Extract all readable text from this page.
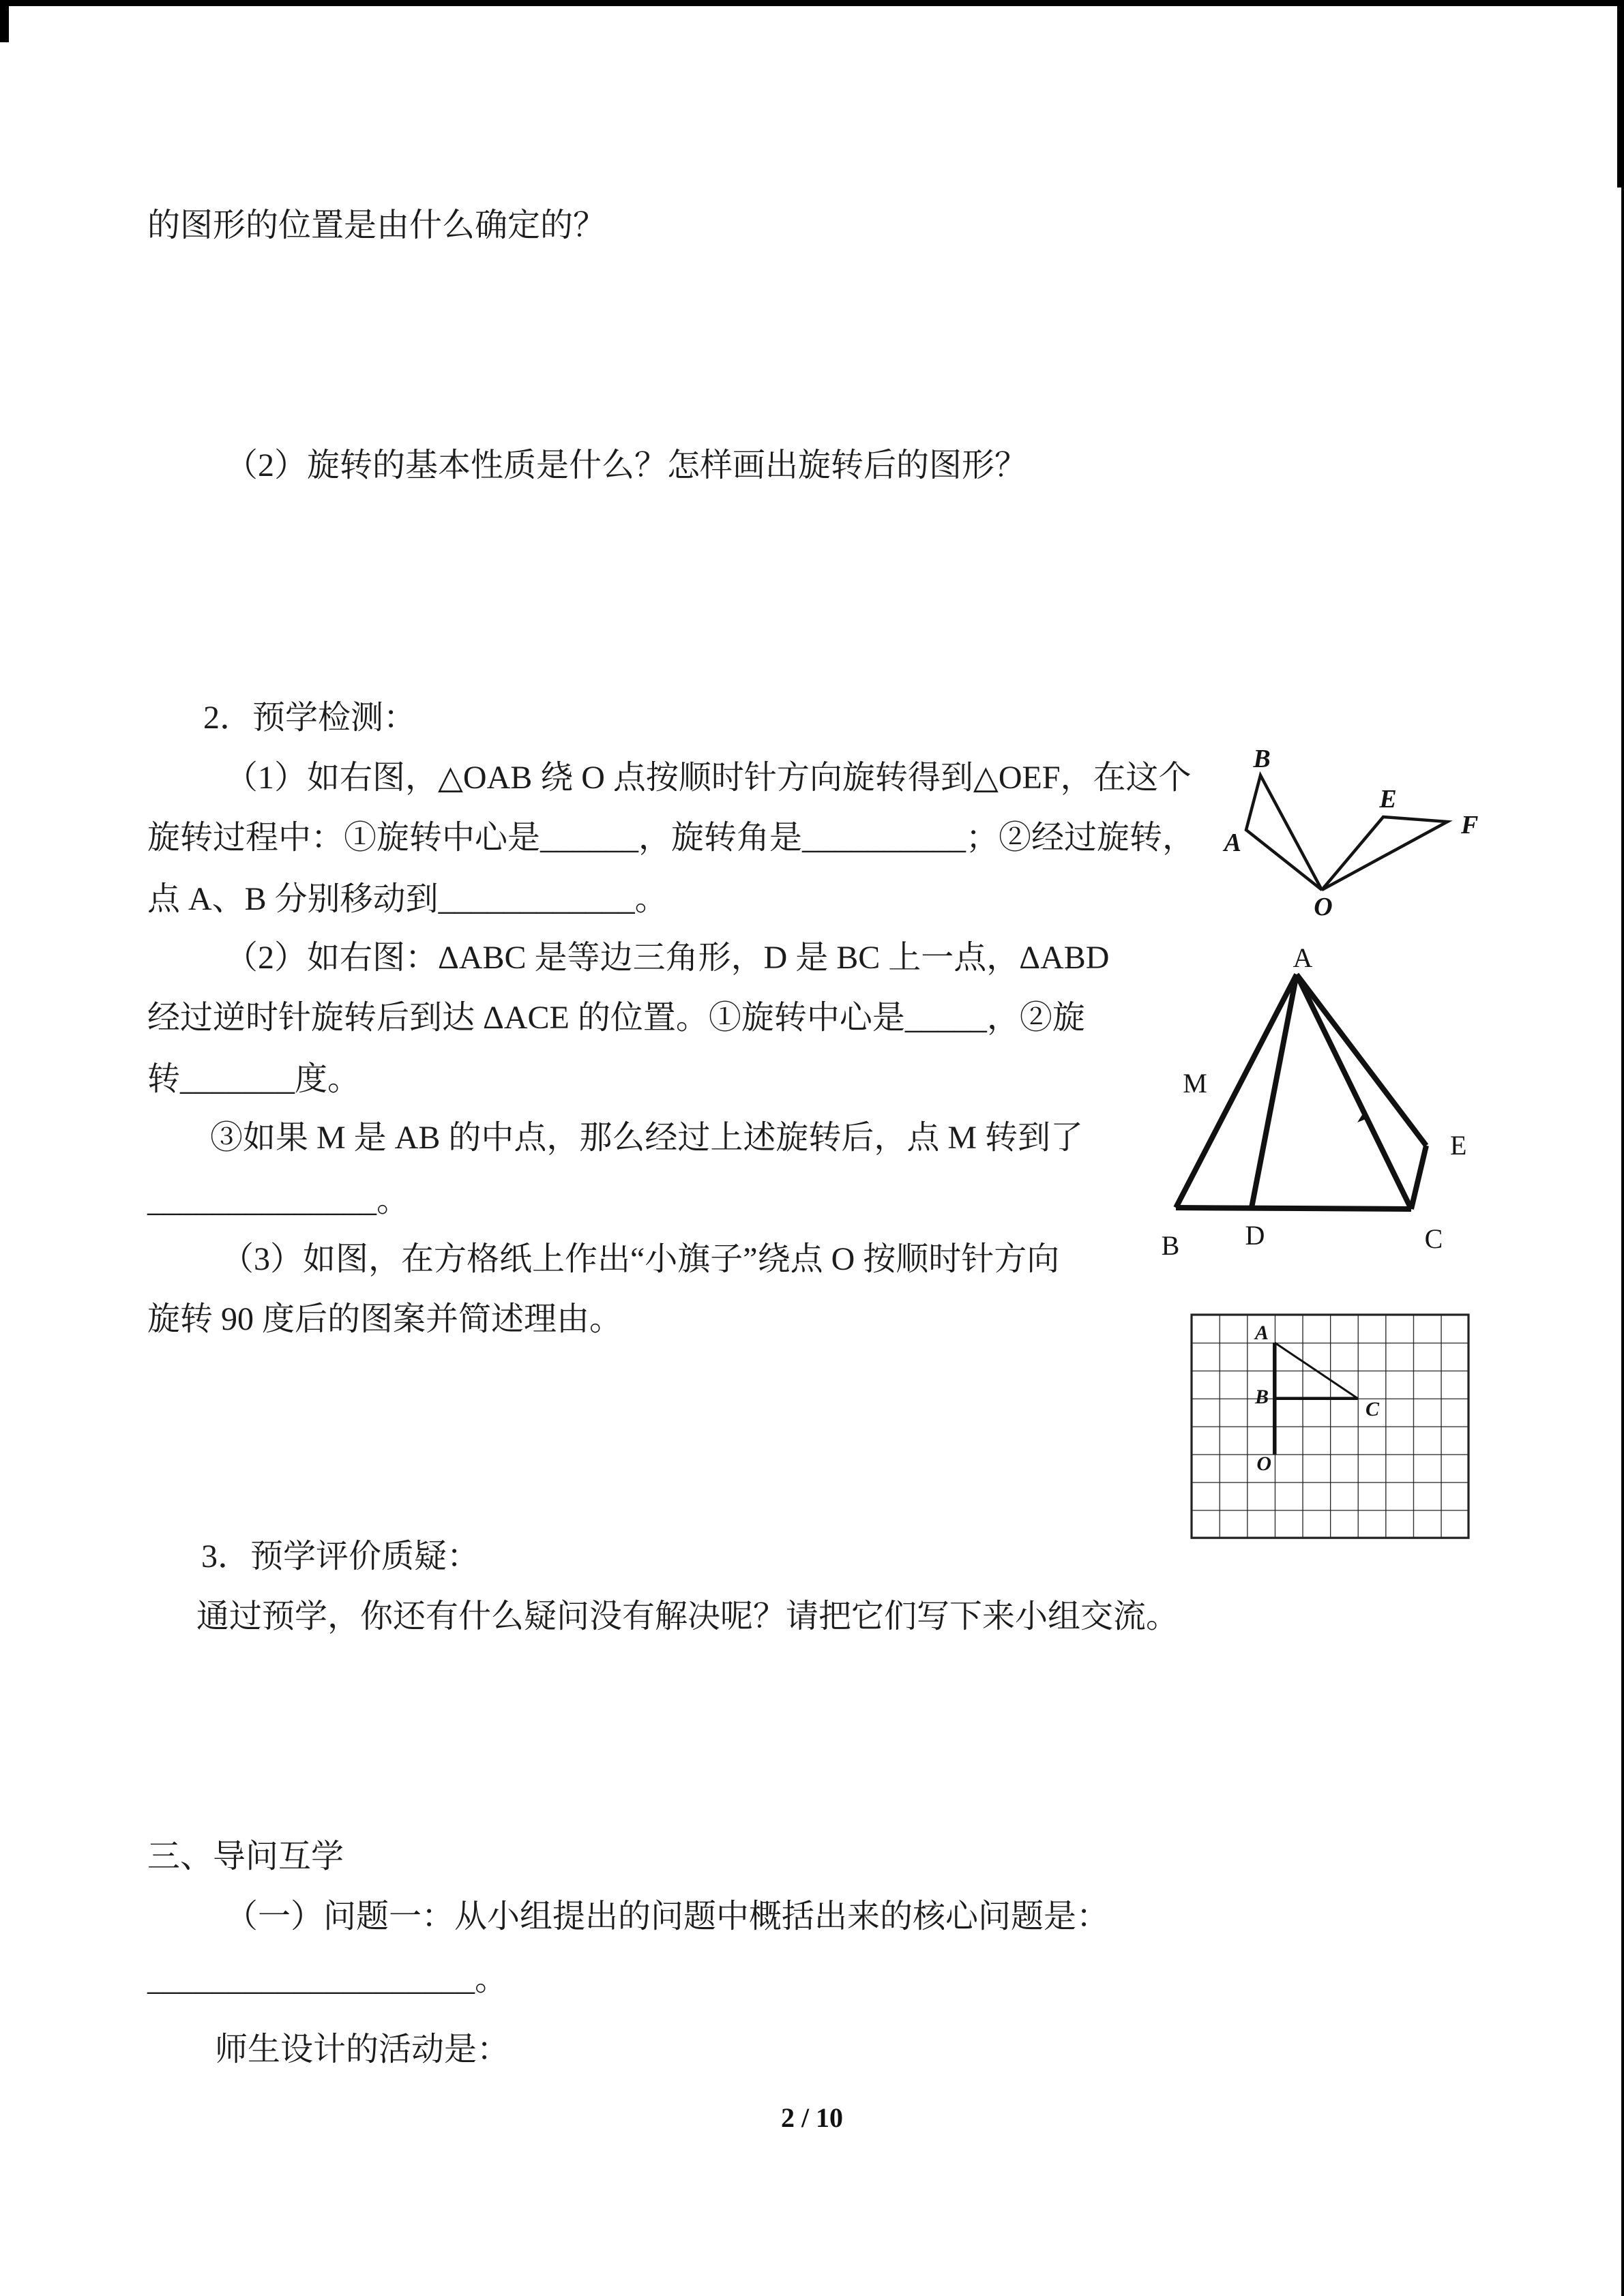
的图形的位置是由什么确定的？
（2）旋转的基本性质是什么？怎样画出旋转后的图形？
2．预学检测：
（1）如右图，△OAB 绕 O 点按顺时针方向旋转得到△OEF，在这个
旋转过程中：①旋转中心是______，旋转角是__________；②经过旋转，
点 A、B 分别移动到____________。
（2）如右图：ΔABC 是等边三角形，D 是 BC 上一点，ΔABD
经过逆时针旋转后到达 ΔACE 的位置。①旋转中心是_____，②旋
转_______度。
③如果 M 是 AB 的中点，那么经过上述旋转后，点 M 转到了
______________。
（3）如图，在方格纸上作出“小旗子”绕点 O 按顺时针方向
旋转 90 度后的图案并简述理由。
3．预学评价质疑：
通过预学，你还有什么疑问没有解决呢？请把它们写下来小组交流。
三、导问互学
（一）问题一：从小组提出的问题中概括出来的核心问题是：
____________________。
师生设计的活动是：
A
B
O
E
F
A
M
B D	C
E
A
B
C
O
2 / 10
